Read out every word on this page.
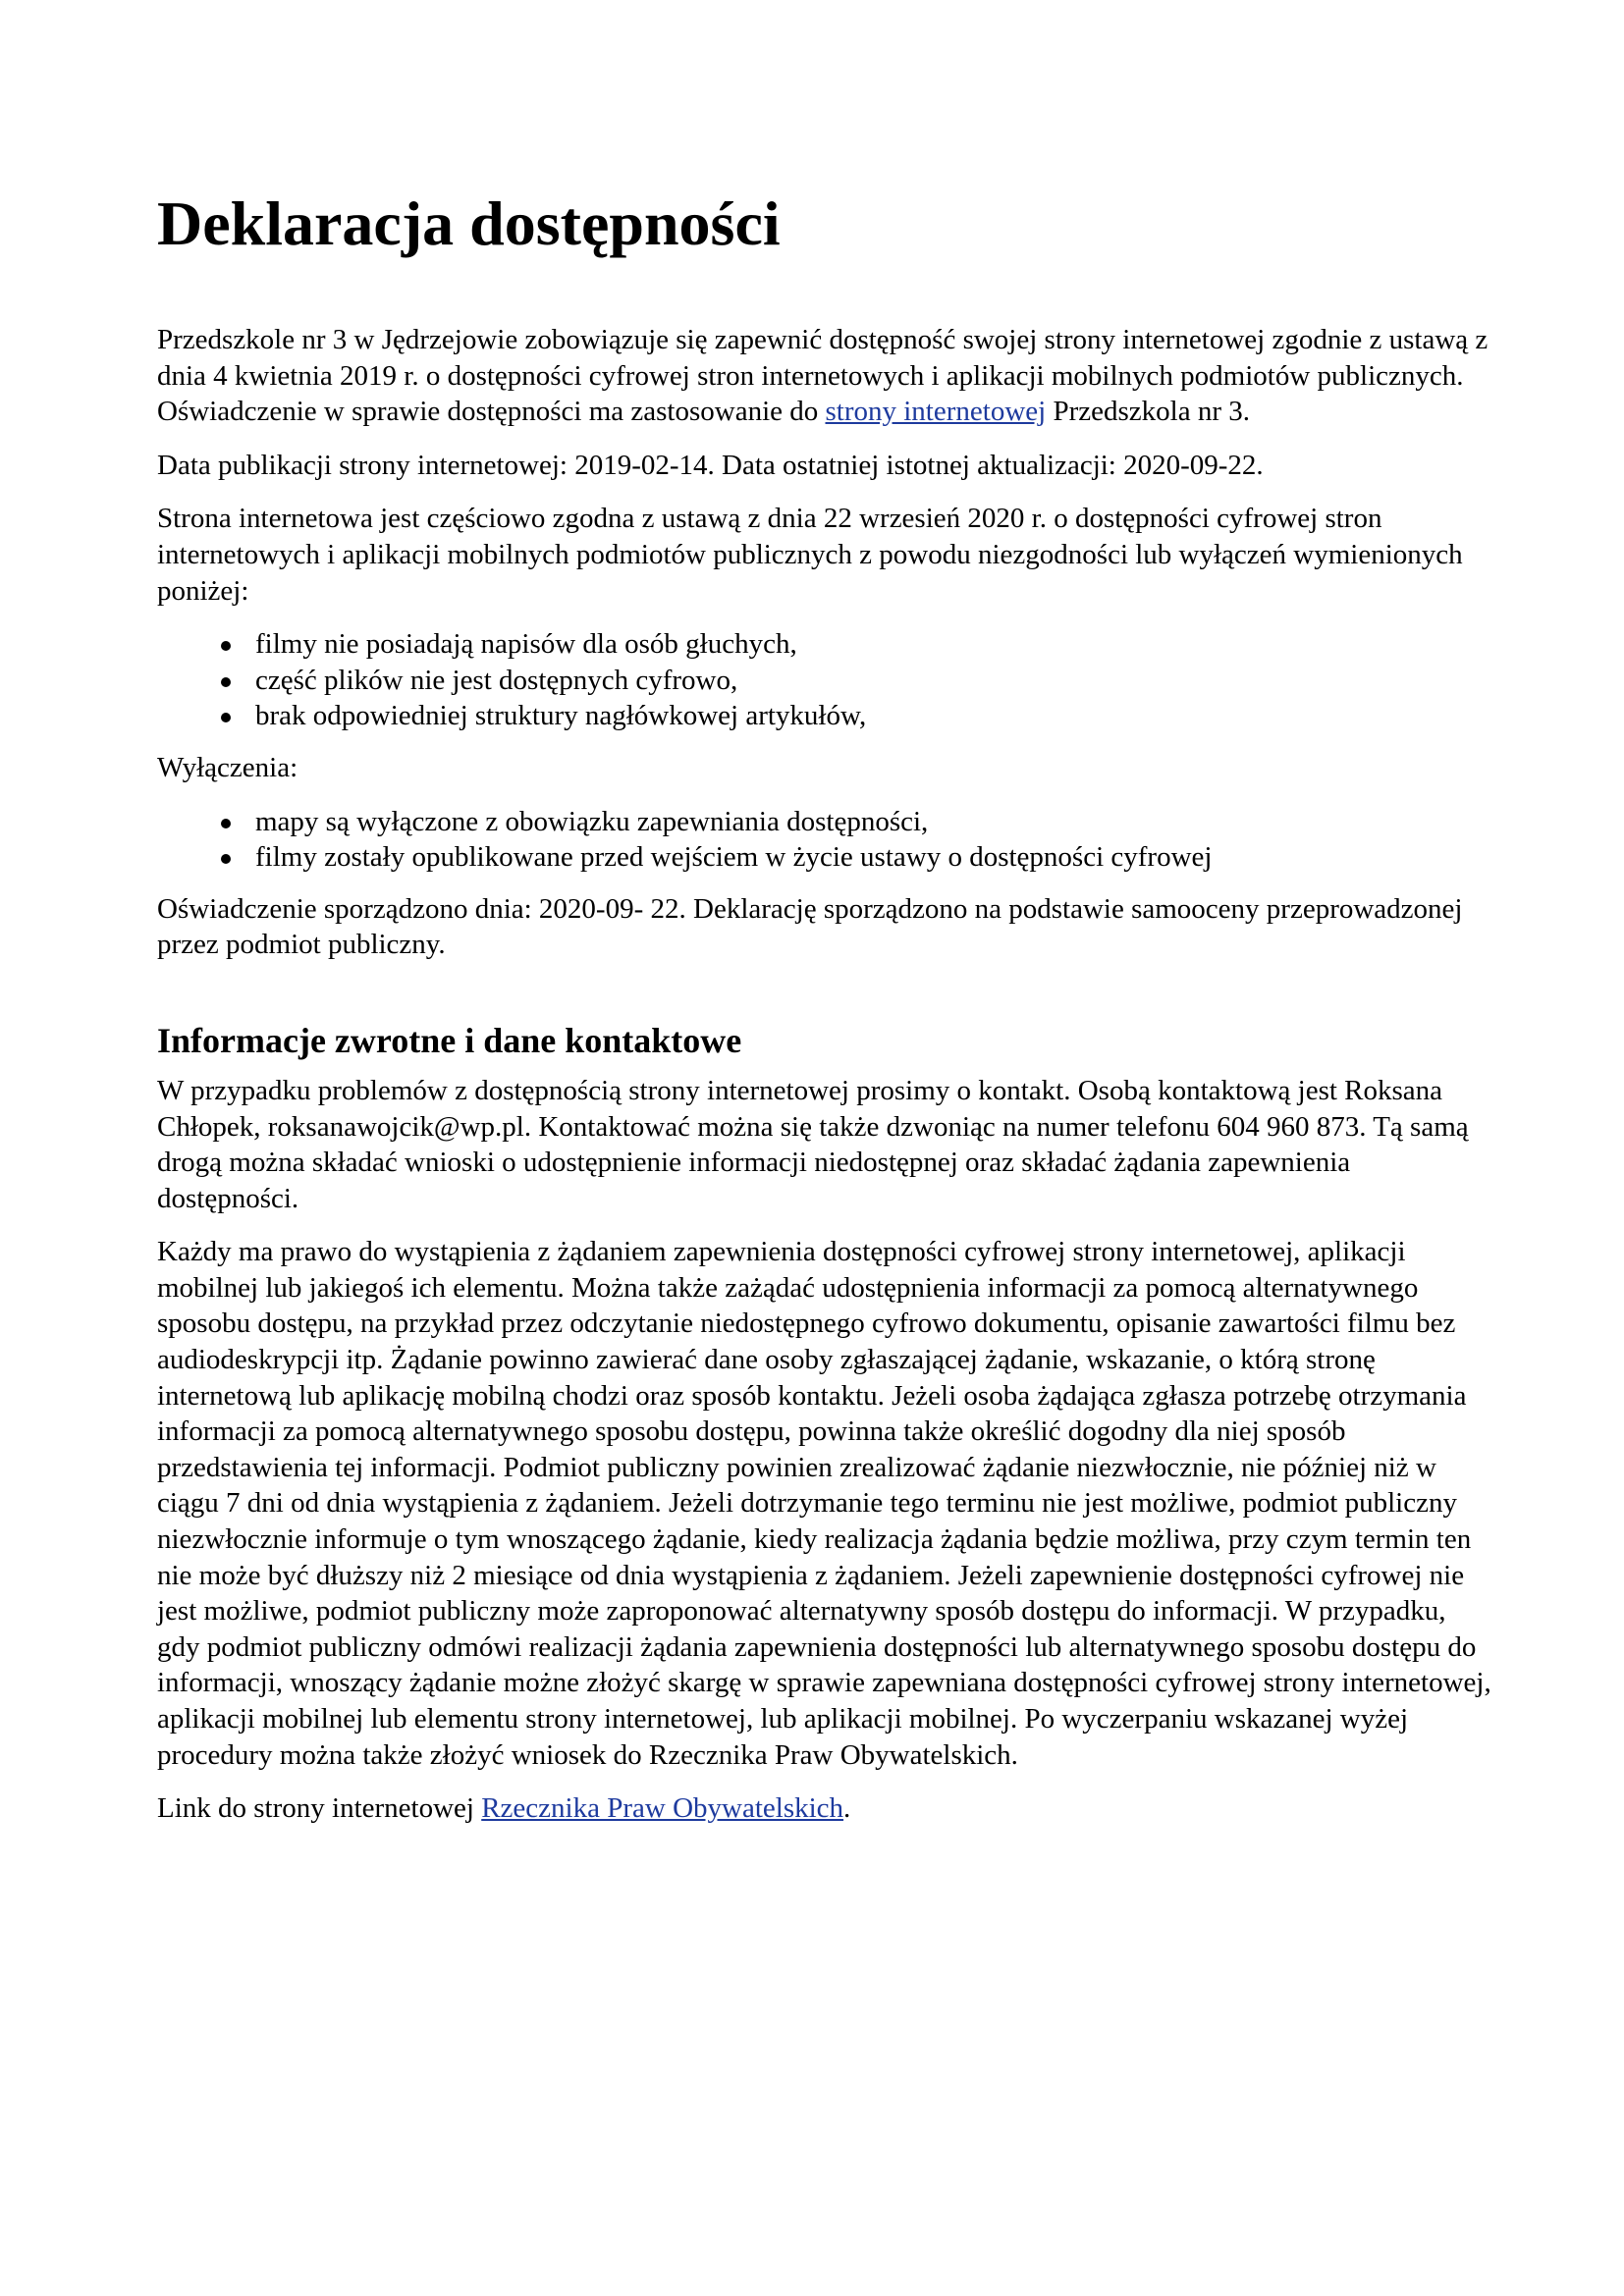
Deklaracja dostępności

Przedszkole nr 3 w Jędrzejowie zobowiązuje się zapewnić dostępność swojej strony internetowej zgodnie z ustawą z dnia 4 kwietnia 2019 r. o dostępności cyfrowej stron internetowych i aplikacji mobilnych podmiotów publicznych. Oświadczenie w sprawie dostępności ma zastosowanie do strony internetowej Przedszkola nr 3.

Data publikacji strony internetowej: 2019-02-14. Data ostatniej istotnej aktualizacji: 2020-09-22.

Strona internetowa jest częściowo zgodna z ustawą z dnia 22 wrzesień 2020 r. o dostępności cyfrowej stron internetowych i aplikacji mobilnych podmiotów publicznych z powodu niezgodności lub wyłączeń wymienionych poniżej:

filmy nie posiadają napisów dla osób głuchych,
część plików nie jest dostępnych cyfrowo,
brak odpowiedniej struktury nagłówkowej artykułów,

Wyłączenia:

mapy są wyłączone z obowiązku zapewniania dostępności,
filmy zostały opublikowane przed wejściem w życie ustawy o dostępności cyfrowej

Oświadczenie sporządzono dnia: 2020-09- 22. Deklarację sporządzono na podstawie samooceny przeprowadzonej przez podmiot publiczny.

Informacje zwrotne i dane kontaktowe

W przypadku problemów z dostępnością strony internetowej prosimy o kontakt. Osobą kontaktową jest Roksana Chłopek, roksanawojcik@wp.pl. Kontaktować można się także dzwoniąc na numer telefonu 604 960 873. Tą samą drogą można składać wnioski o udostępnienie informacji niedostępnej oraz składać żądania zapewnienia dostępności.

Każdy ma prawo do wystąpienia z żądaniem zapewnienia dostępności cyfrowej strony internetowej, aplikacji mobilnej lub jakiegoś ich elementu. Można także zażądać udostępnienia informacji za pomocą alternatywnego sposobu dostępu, na przykład przez odczytanie niedostępnego cyfrowo dokumentu, opisanie zawartości filmu bez audiodeskrypcji itp. Żądanie powinno zawierać dane osoby zgłaszającej żądanie, wskazanie, o którą stronę internetową lub aplikację mobilną chodzi oraz sposób kontaktu. Jeżeli osoba żądająca zgłasza potrzebę otrzymania informacji za pomocą alternatywnego sposobu dostępu, powinna także określić dogodny dla niej sposób przedstawienia tej informacji. Podmiot publiczny powinien zrealizować żądanie niezwłocznie, nie później niż w ciągu 7 dni od dnia wystąpienia z żądaniem. Jeżeli dotrzymanie tego terminu nie jest możliwe, podmiot publiczny niezwłocznie informuje o tym wnoszącego żądanie, kiedy realizacja żądania będzie możliwa, przy czym termin ten nie może być dłuższy niż 2 miesiące od dnia wystąpienia z żądaniem. Jeżeli zapewnienie dostępności cyfrowej nie jest możliwe, podmiot publiczny może zaproponować alternatywny sposób dostępu do informacji. W przypadku, gdy podmiot publiczny odmówi realizacji żądania zapewnienia dostępności lub alternatywnego sposobu dostępu do informacji, wnoszący żądanie możne złożyć skargę w sprawie zapewniana dostępności cyfrowej strony internetowej, aplikacji mobilnej lub elementu strony internetowej, lub aplikacji mobilnej. Po wyczerpaniu wskazanej wyżej procedury można także złożyć wniosek do Rzecznika Praw Obywatelskich.

Link do strony internetowej Rzecznika Praw Obywatelskich.
